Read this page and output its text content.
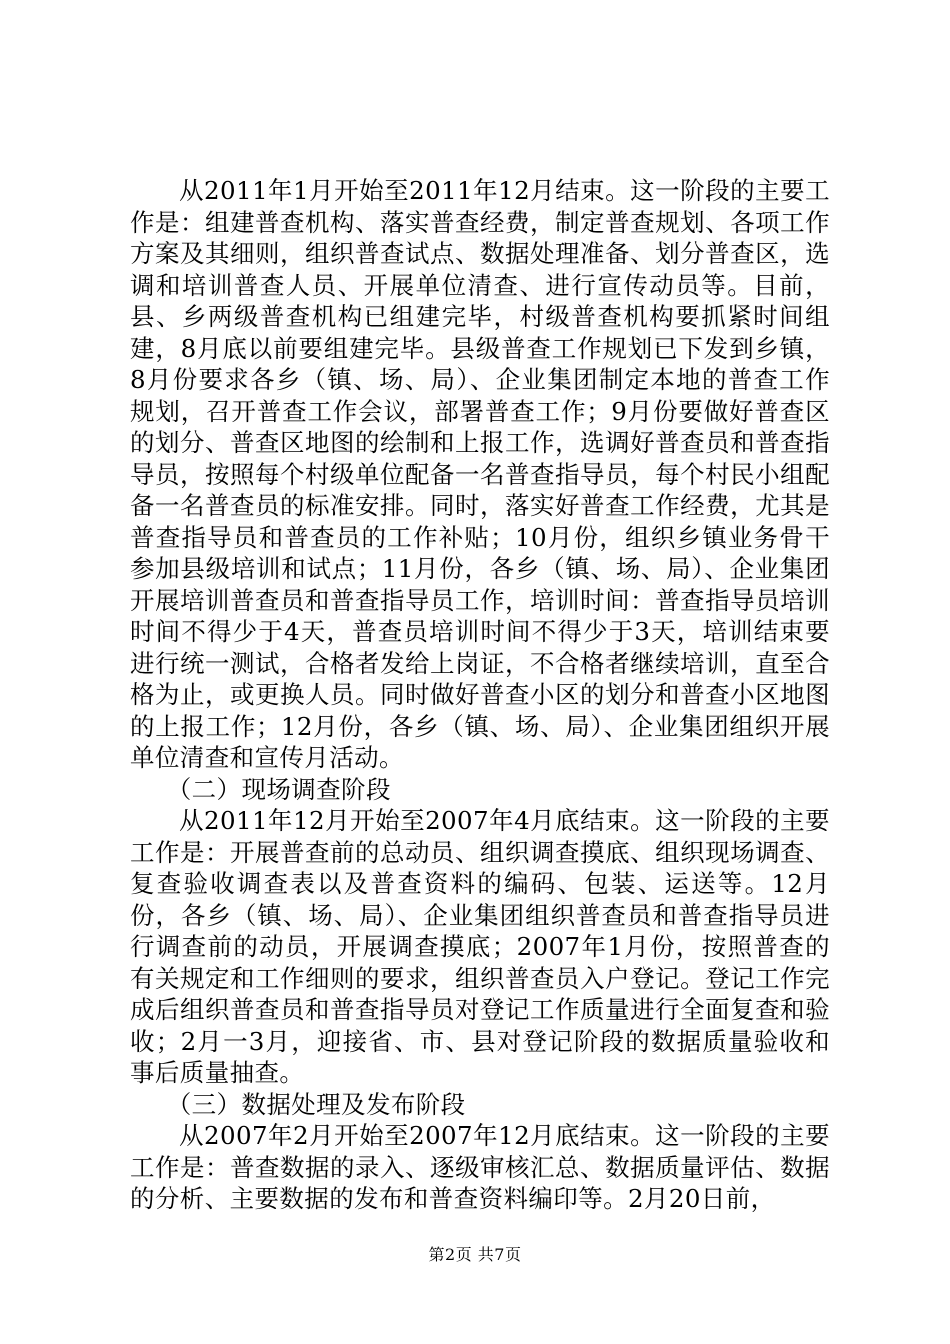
从2011年1月开始至2011年12月结束。这一阶段的主要工作是：组建普查机构、落实普查经费，制定普查规划、各项工作方案及其细则，组织普查试点、数据处理准备、划分普查区，选调和培训普查人员、开展单位清查、进行宣传动员等。目前，县、乡两级普查机构已组建完毕，村级普查机构要抓紧时间组建，8月底以前要组建完毕。县级普查工作规划已下发到乡镇，8月份要求各乡（镇、场、局）、企业集团制定本地的普查工作规划，召开普查工作会议，部署普查工作；9月份要做好普查区的划分、普查区地图的绘制和上报工作，选调好普查员和普查指导员，按照每个村级单位配备一名普查指导员，每个村民小组配备一名普查员的标准安排。同时，落实好普查工作经费，尤其是普查指导员和普查员的工作补贴；10月份，组织乡镇业务骨干参加县级培训和试点；11月份，各乡（镇、场、局）、企业集团开展培训普查员和普查指导员工作，培训时间：普查指导员培训时间不得少于4天，普查员培训时间不得少于3天，培训结束要进行统一测试，合格者发给上岗证，不合格者继续培训，直至合格为止，或更换人员。同时做好普查小区的划分和普查小区地图的上报工作；12月份，各乡（镇、场、局）、企业集团组织开展单位清查和宣传月活动。

（二）现场调查阶段

从2011年12月开始至2007年4月底结束。这一阶段的主要工作是：开展普查前的总动员、组织调查摸底、组织现场调查、复查验收调查表以及普查资料的编码、包装、运送等。12月份，各乡（镇、场、局）、企业集团组织普查员和普查指导员进行调查前的动员，开展调查摸底；2007年1月份，按照普查的有关规定和工作细则的要求，组织普查员入户登记。登记工作完成后组织普查员和普查指导员对登记工作质量进行全面复查和验收；2月一3月，迎接省、市、县对登记阶段的数据质量验收和事后质量抽查。

（三）数据处理及发布阶段

从2007年2月开始至2007年12月底结束。这一阶段的主要工作是：普查数据的录入、逐级审核汇总、数据质量评估、数据的分析、主要数据的发布和普查资料编印等。2月20日前，

第2页 共7页
